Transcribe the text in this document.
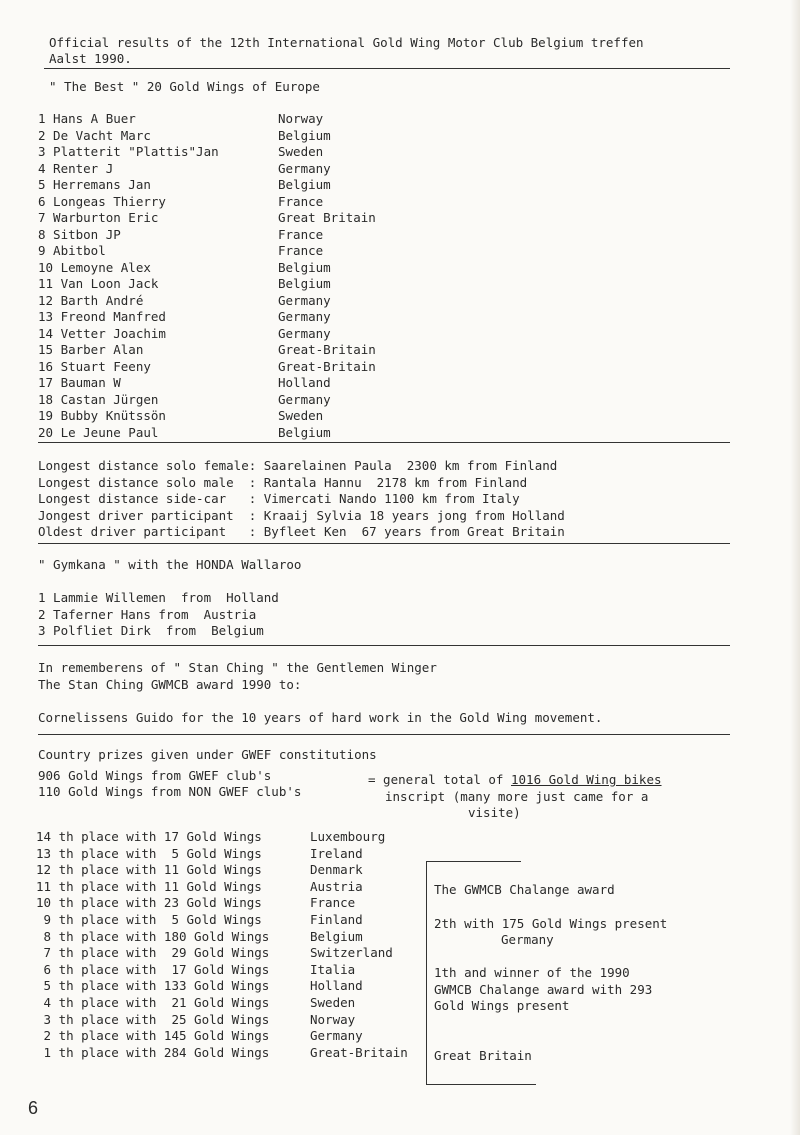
Official results of the 12th International Gold Wing Motor Club Belgium treffen
Aalst 1990.
" The Best " 20 Gold Wings of Europe
1 Hans A Buer	Norway
2 De Vacht Marc	Belgium
3 Platterit "Plattis"Jan	Sweden
4 Renter J	Germany
5 Herremans Jan	Belgium
6 Longeas Thierry	France
7 Warburton Eric	Great Britain
8 Sitbon JP	France
9 Abitbol	France
10 Lemoyne Alex	Belgium
11 Van Loon Jack	Belgium
12 Barth André	Germany
13 Freond Manfred	Germany
14 Vetter Joachim	Germany
15 Barber Alan	Great-Britain
16 Stuart Feeny	Great-Britain
17 Bauman W	Holland
18 Castan Jürgen	Germany
19 Bubby Knütssön	Sweden
20 Le Jeune Paul	Belgium
Longest distance solo female: Saarelainen Paula  2300 km from Finland
Longest distance solo male  : Rantala Hannu  2178 km from Finland
Longest distance side-car   : Vimercati Nando 1100 km from Italy
Jongest driver participant  : Kraaij Sylvia 18 years jong from Holland
Oldest driver participant   : Byfleet Ken  67 years from Great Britain
" Gymkana " with the HONDA Wallaroo
1 Lammie Willemen  from  Holland
2 Taferner Hans from  Austria
3 Polfliet Dirk  from  Belgium
In rememberens of " Stan Ching " the Gentlemen Winger
The Stan Ching GWMCB award 1990 to:
Cornelissens Guido for the 10 years of hard work in the Gold Wing movement.
Country prizes given under GWEF constitutions
906 Gold Wings from GWEF club's
110 Gold Wings from NON GWEF club's
= general total of 1016 Gold Wing bikes
inscript (many more just came for a
visite)
14 th place with 17 Gold Wings	Luxembourg
13 th place with  5 Gold Wings	Ireland
12 th place with 11 Gold Wings	Denmark
11 th place with 11 Gold Wings	Austria
10 th place with 23 Gold Wings	France
9 th place with  5 Gold Wings	Finland
8 th place with 180 Gold Wings	Belgium
7 th place with  29 Gold Wings	Switzerland
6 th place with  17 Gold Wings	Italia
5 th place with 133 Gold Wings	Holland
4 th place with  21 Gold Wings	Sweden
3 th place with  25 Gold Wings	Norway
2 th place with 145 Gold Wings	Germany
1 th place with 284 Gold Wings	Great-Britain
The GWMCB Chalange award
2th with 175 Gold Wings present
Germany
1th and winner of the 1990
GWMCB Chalange award with 293
Gold Wings present
Great Britain
6
